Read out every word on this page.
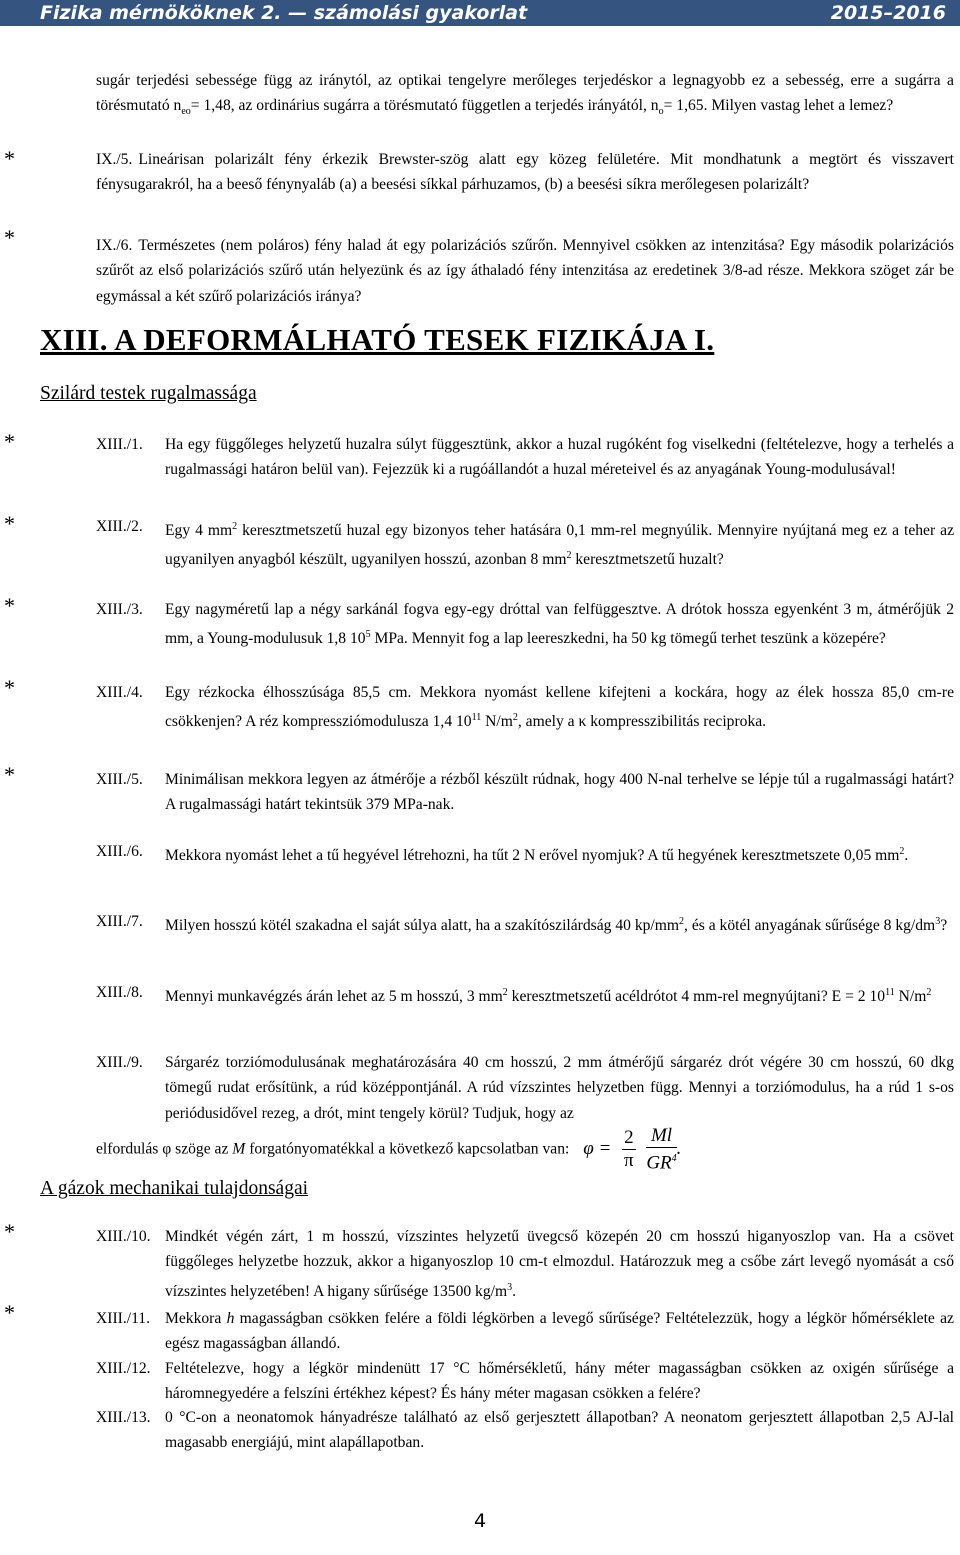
Fizika mérnököknek 2. — számolási gyakorlat	2015–2016
sugár terjedési sebessége függ az iránytól, az optikai tengelyre merőleges terjedéskor a legnagyobb ez a sebesség, erre a sugárra a törésmutató $n_{eo}= 1,48$, az ordinárius sugárra a törésmutató független a terjedés irányától, $n_o= 1,65$. Milyen vastag lehet a lemez?
*
*
*
*
*
*
*
*
*
IX./5. Lineárisan polarizált fény érkezik Brewster-szög alatt egy közeg felületére. Mit mondhatunk a megtört és visszavert fénysugarakról, ha a beeső fénynyaláb (a) a beesési síkkal párhuzamos, (b) a beesési síkra merőlegesen polarizált?
IX./6. Természetes (nem poláros) fény halad át egy polarizációs szűrőn. Mennyivel csökken az intenzitása? Egy második polarizációs szűrőt az első polarizációs szűrő után helyezünk és az így áthaladó fény intenzitása az eredetinek 3/8-ad része. Mekkora szöget zár be egymással a két szűrő polarizációs iránya?
XIII. A DEFORMÁLHATÓ TESEK FIZIKÁJA I.
Szilárd testek rugalmassága
XIII./1. Ha egy függőleges helyzetű huzalra súlyt függesztünk, akkor a huzal rugóként fog viselkedni (feltételezve, hogy a terhelés a rugalmassági határon belül van). Fejezzük ki a rugóállandót a huzal méreteivel és az anyagának Young-modulusával!
XIII./2. Egy 4 $mm^2$ keresztmetszetű huzal egy bizonyos teher hatására 0,1 mm-rel megnyúlik. Mennyire nyújtaná meg ez a teher az ugyanilyen anyagból készült, ugyanilyen hosszú, azonban 8 $mm^2$ keresztmetszetű huzalt?
XIII./3. Egy nagyméretű lap a négy sarkánál fogva egy-egy dróttal van felfüggesztve. A drótok hossza egyenként 3 m, átmérőjük 2 mm, a Young-modulusuk 1,8 $10^5$ MPa. Mennyit fog a lap leereszkedni, ha 50 kg tömegű terhet teszünk a közepére?
XIII./4. Egy rézkocka élhosszúsága 85,5 cm. Mekkora nyomást kellene kifejteni a kockára, hogy az élek hossza 85,0 cm-re csökkenjen? A réz kompressziómodulusza 1,4 $10^{11}$ $N/m^2$, amely a κ kompresszibilitás reciproka.
XIII./5. Minimálisan mekkora legyen az átmérője a rézből készült rúdnak, hogy 400 N-nal terhelve se lépje túl a rugalmassági határt? A rugalmassági határt tekintsük 379 MPa-nak.
XIII./6. Mekkora nyomást lehet a tű hegyével létrehozni, ha tűt 2 N erővel nyomjuk? A tű hegyének keresztmetszete 0,05 $mm^2$.
XIII./7. Milyen hosszú kötél szakadna el saját súlya alatt, ha a szakítószilárdság 40 $kp/mm^2$, és a kötél anyagának sűrűsége 8 $kg/dm^3$?
XIII./8. Mennyi munkavégzés árán lehet az 5 m hosszú, 3 $mm^2$ keresztmetszetű acéldrótot 4 mm-rel megnyújtani? E = 2 $10^{11}$ $N/m^2$
XIII./9. Sárgaréz torziómodulusának meghatározására 40 cm hosszú, 2 mm átmérőjű sárgaréz drót végére 30 cm hosszú, 60 dkg tömegű rudat erősítünk, a rúd középpontjánál. A rúd vízszintes helyzetben függ. Mennyi a torziómodulus, ha a rúd 1 s-os periódusidővel rezeg, a drót, mint tengely körül? Tudjuk, hogy az
elfordulás φ szöge az M forgatónyomatékkal a következő kapcsolatban van: $\varphi = \frac{2}{\pi}$
$\frac{Ml}{GR^4}$ .
A gázok mechanikai tulajdonságai
XIII./10. Mindkét végén zárt, 1 m hosszú, vízszintes helyzetű üvegcső közepén 20 cm hosszú higanyoszlop van. Ha a csövet függőleges helyzetbe hozzuk, akkor a higanyoszlop 10 cm-t elmozdul. Határozzuk meg a csőbe zárt levegő nyomását a cső vízszintes helyzetében! A higany sűrűsége 13500 $kg/m^3$.
XIII./11. Mekkora h magasságban csökken felére a földi légkörben a levegő sűrűsége? Feltételezzük, hogy a légkör hőmérséklete az egész magasságban állandó.
XIII./12. Feltételezve, hogy a légkör mindenütt 17 °C hőmérsékletű, hány méter magasságban csökken az oxigén sűrűsége a háromnegyedére a felszíni értékhez képest? És hány méter magasan csökken a felére?
XIII./13. 0 °C-on a neonatomok hányadrésze található az első gerjesztett állapotban? A neonatom gerjesztett állapotban 2,5 AJ-lal magasabb energiájú, mint alapállapotban.
4
